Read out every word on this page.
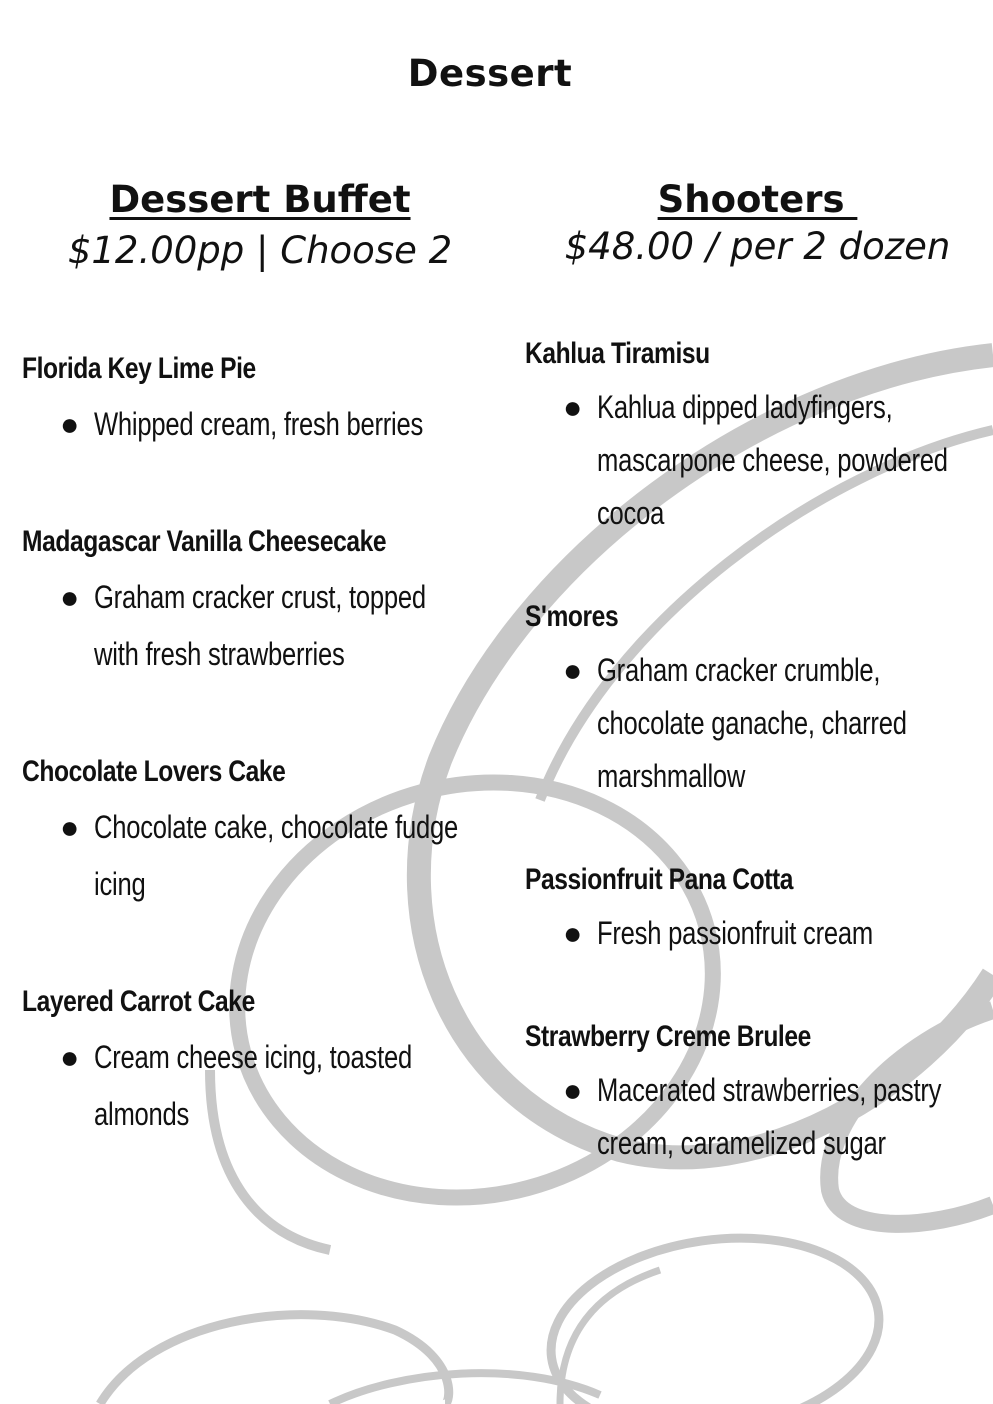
Dessert
Dessert Buffet
$12.00pp | Choose 2
Shooters
$48.00 / per 2 dozen
Florida Key Lime Pie
● Whipped cream, fresh berries
Madagascar Vanilla Cheesecake
● Graham cracker crust, topped with fresh strawberries
Chocolate Lovers Cake
● Chocolate cake, chocolate fudge icing
Layered Carrot Cake
● Cream cheese icing, toasted almonds
Kahlua Tiramisu
● Kahlua dipped ladyfingers, mascarpone cheese, powdered cocoa
S'mores
● Graham cracker crumble, chocolate ganache, charred marshmallow
Passionfruit Pana Cotta
● Fresh passionfruit cream
Strawberry Creme Brulee
● Macerated strawberries, pastry cream, caramelized sugar
